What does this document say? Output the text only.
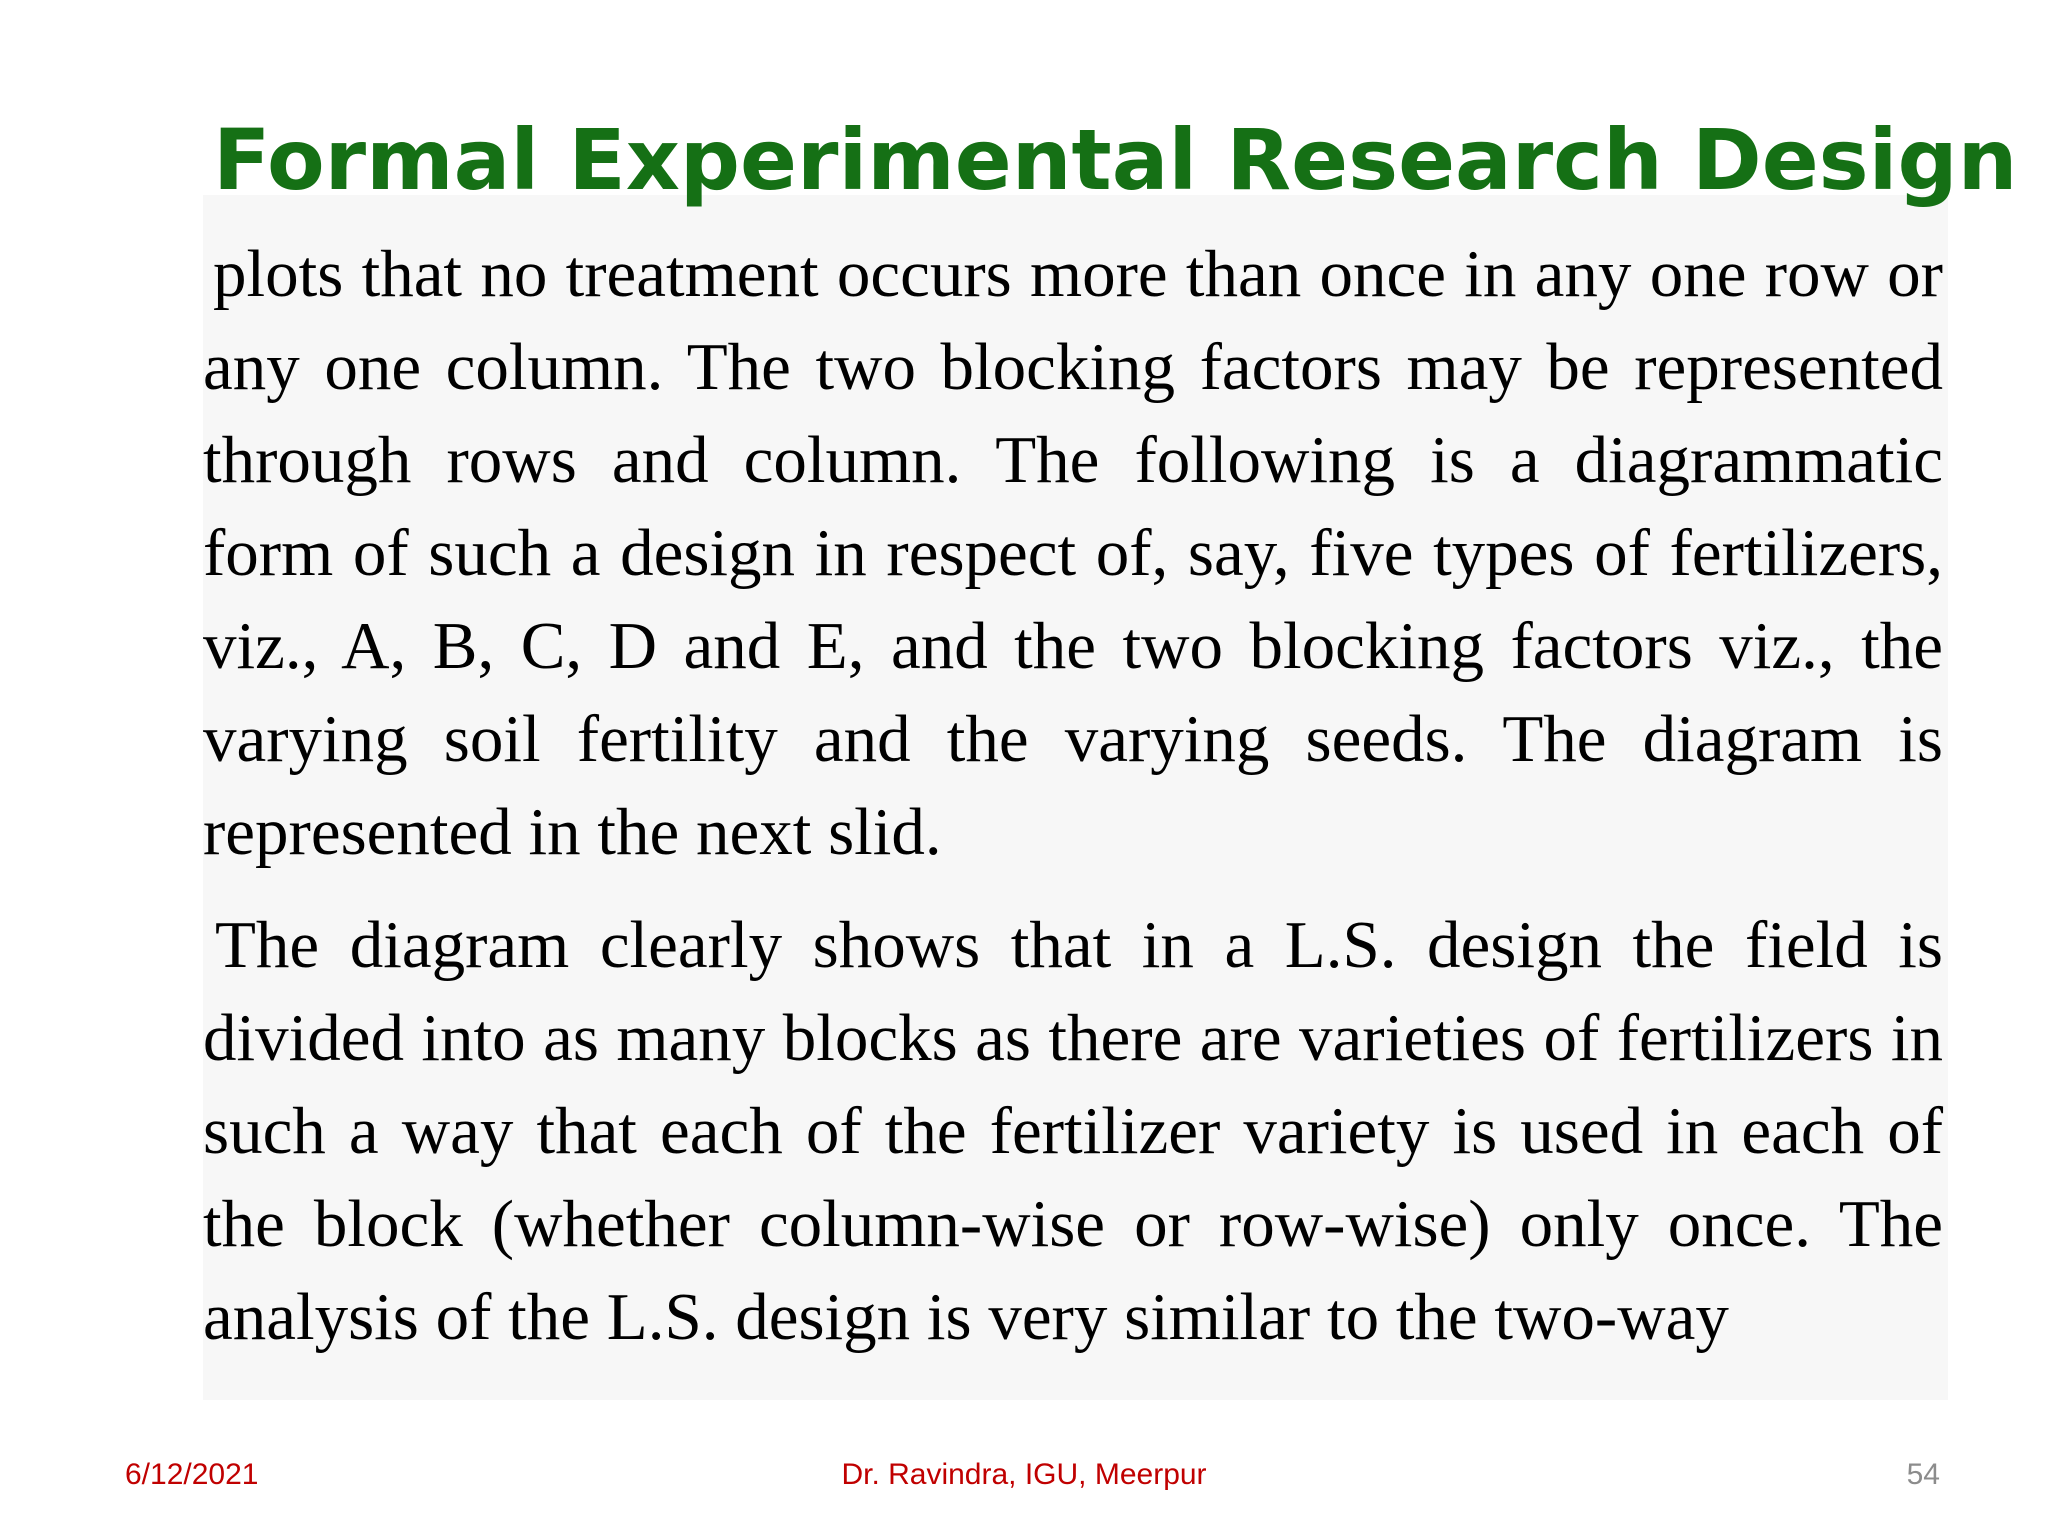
Formal Experimental Research Design

plots that no treatment occurs more than once in any one row or any one column. The two blocking factors may be represented through rows and column. The following is a diagrammatic form of such a design in respect of, say, five types of fertilizers, viz., A, B, C, D and E, and the two blocking factors viz., the varying soil fertility and the varying seeds. The diagram is represented in the next slid.

The diagram clearly shows that in a L.S. design the field is divided into as many blocks as there are varieties of fertilizers in such a way that each of the fertilizer variety is used in each of the block (whether column-wise or row-wise) only once. The analysis of the L.S. design is very similar to the two-way

6/12/2021	Dr. Ravindra, IGU, Meerpur	54
